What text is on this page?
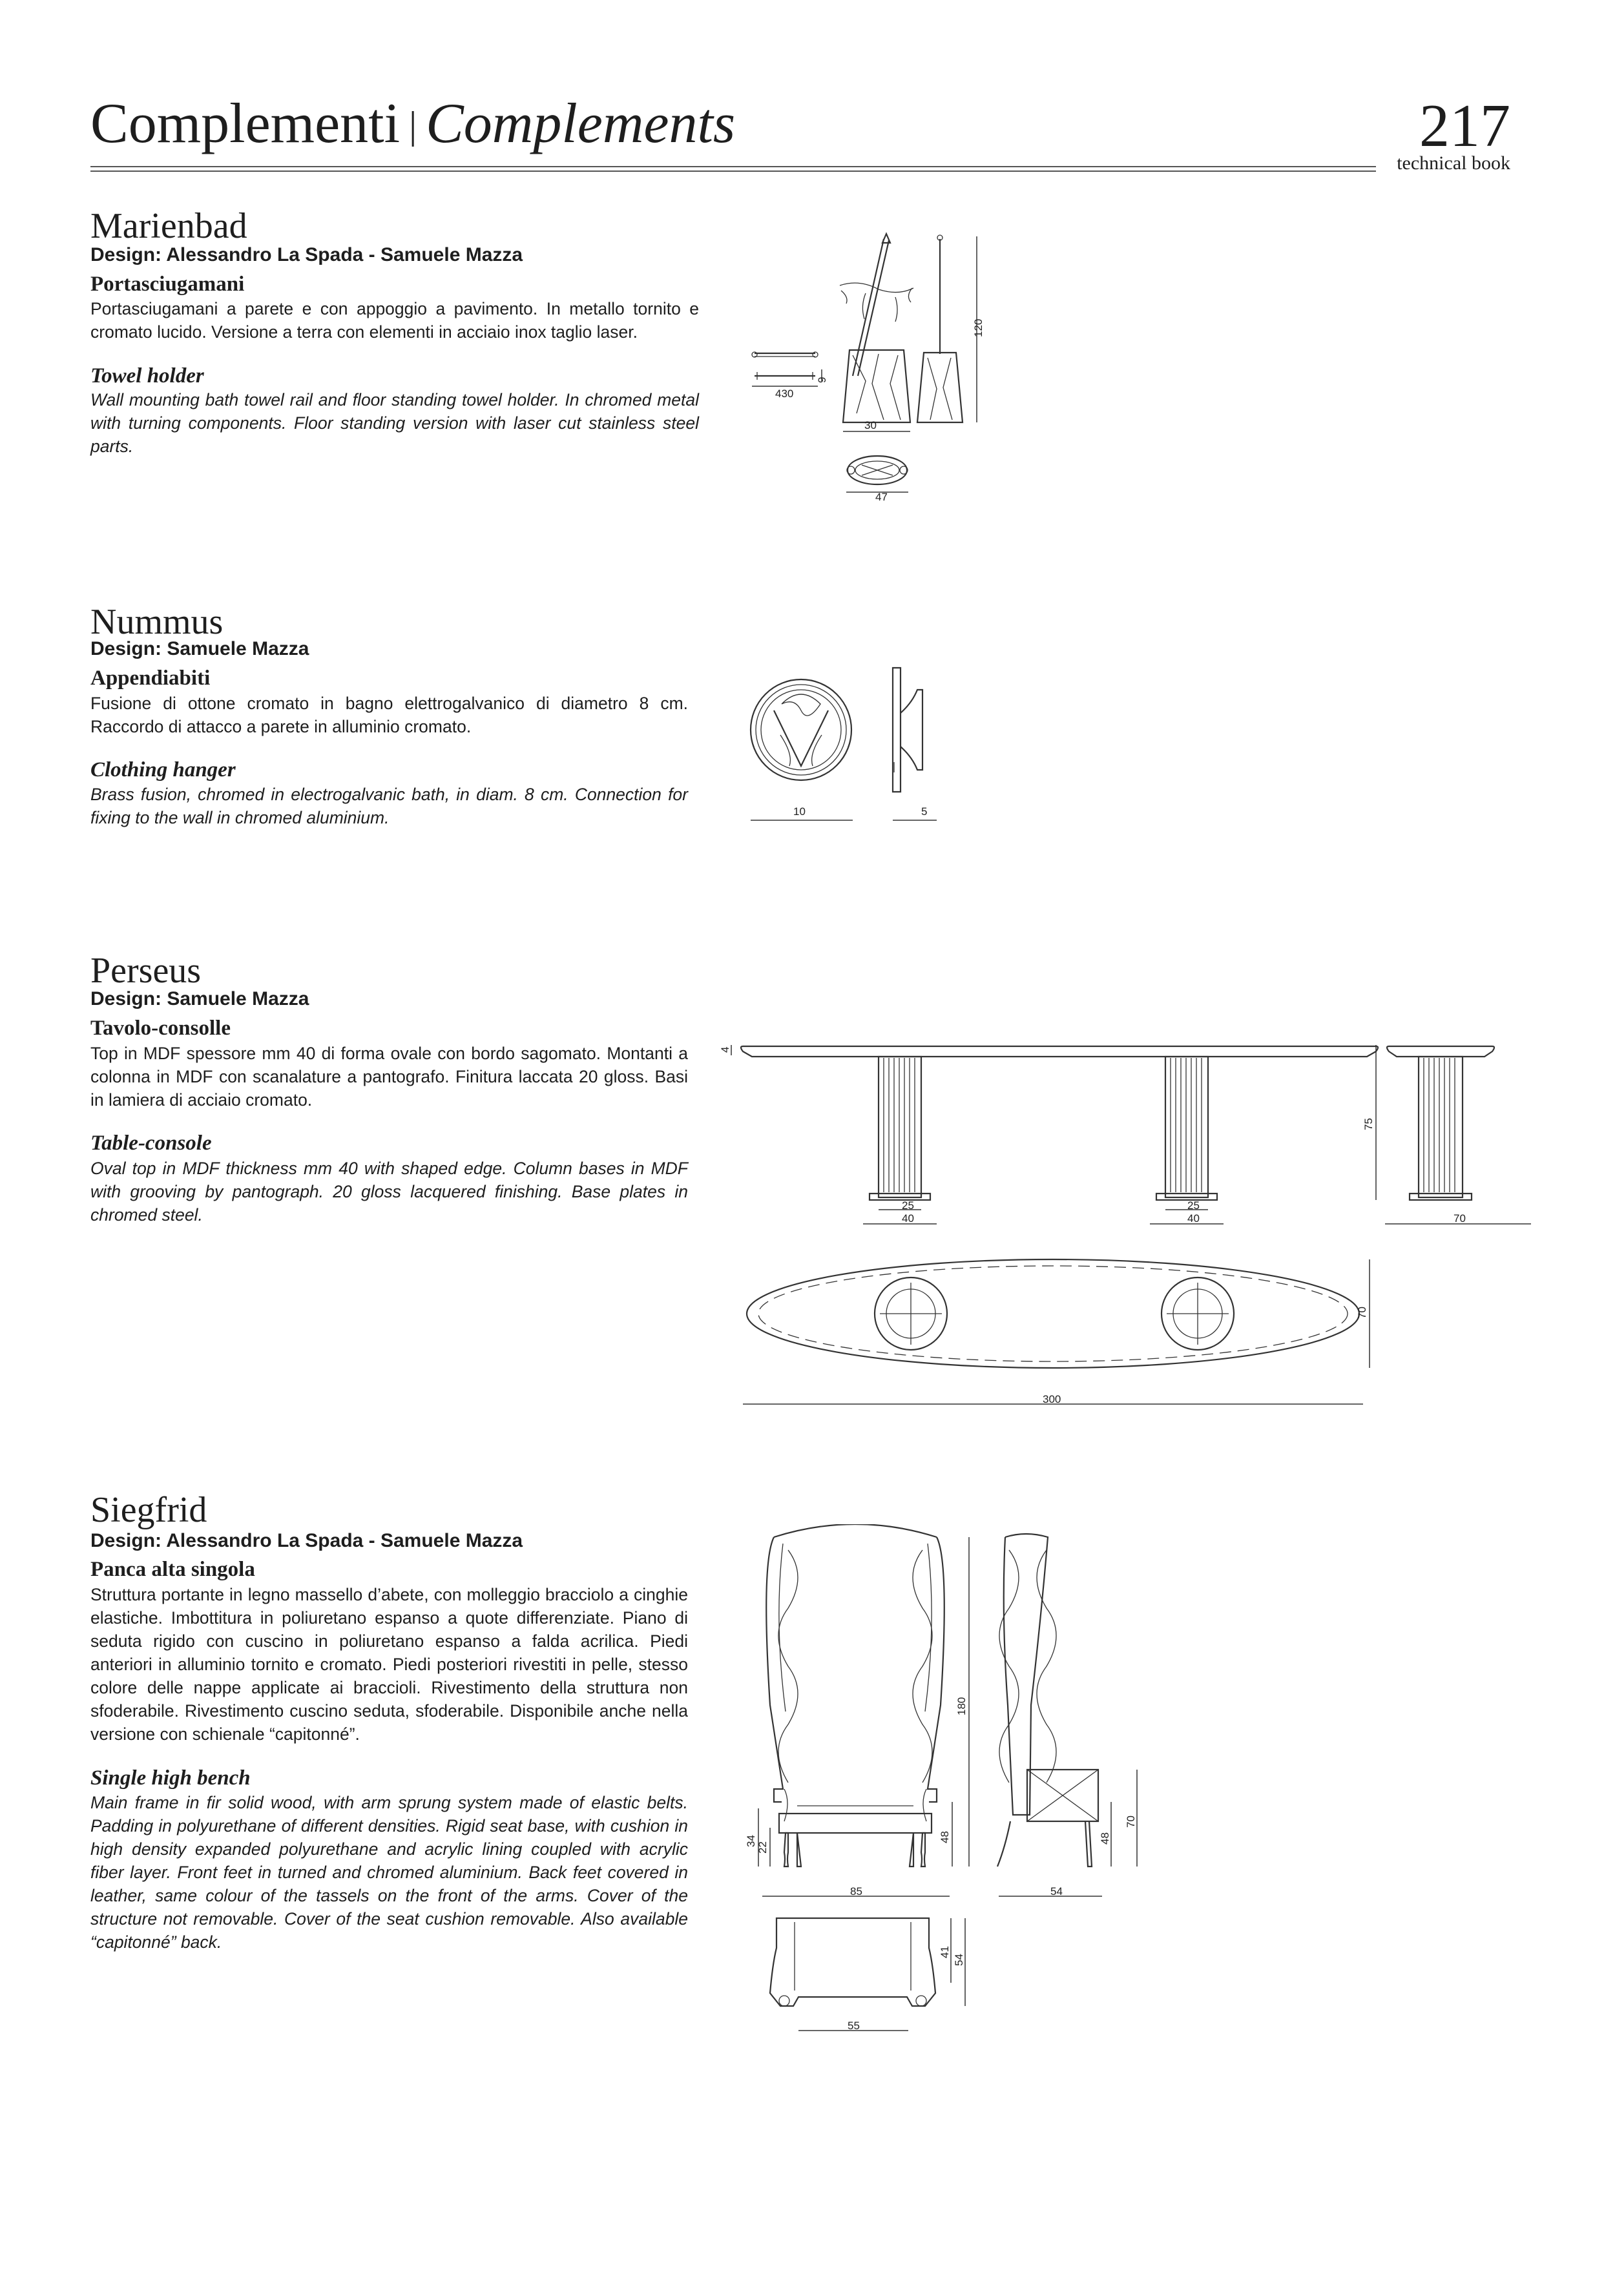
Complementi | Complements	217
technical book
Marienbad
Design: Alessandro La Spada - Samuele Mazza
Portasciugamani
Portasciugamani a parete e con appoggio a pavimento. In metallo tornito e cromato lucido. Versione a terra con elementi in acciaio inox taglio laser.
Towel holder
Wall mounting bath towel rail and floor standing towel holder. In chromed metal with turning components. Floor standing version with laser cut stainless steel parts.
430
9
30
47
120
Nummus
Design: Samuele Mazza
Appendiabiti
Fusione di ottone cromato in bagno elettrogalvanico di diametro 8 cm. Raccordo di attacco a parete in alluminio cromato.
Clothing hanger
Brass fusion, chromed in electrogalvanic bath, in diam. 8 cm. Connection for fixing to the wall in chromed aluminium.	10	5
Perseus
Design: Samuele Mazza
Tavolo-consolle
Top in MDF spessore mm 40 di forma ovale con bordo sagomato. Montanti a colonna in MDF con scanalature a pantografo. Finitura laccata 20 gloss. Basi in lamiera di acciaio cromato.
Table-console
Oval top in MDF thickness mm 40 with shaped edge. Column bases in MDF with grooving by pantograph. 20 gloss lacquered finishing. Base plates in chromed steel.
4
25
40
25
40
75
70
70
300
Siegfrid
Design: Alessandro La Spada - Samuele Mazza
Panca alta singola
Struttura portante in legno massello d’abete, con molleggio bracciolo a cinghie elastiche. Imbottitura in poliuretano espanso a quote differenziate. Piano di seduta rigido con cuscino in poliuretano espanso a falda acrilica. Piedi anteriori in alluminio tornito e cromato. Piedi posteriori rivestiti in pelle, stesso colore delle nappe applicate ai braccioli. Rivestimento della struttura non sfoderabile. Rivestimento cuscino seduta, sfoderabile. Disponibile anche nella versione con schienale “capitonné”.
Single high bench
Main frame in fir solid wood, with arm sprung system made of elastic belts. Padding in polyurethane of different densities. Rigid seat base, with cushion in high density expanded polyurethane and acrylic lining coupled with acrylic fiber layer. Front feet in turned and chromed aluminium. Back feet covered in leather, same colour of the tassels on the front of the arms. Cover of the structure not removable. Cover of the seat cushion removable. Also available “capitonné” back.
34
22
180
48
85
48
70
54
41
54
55
